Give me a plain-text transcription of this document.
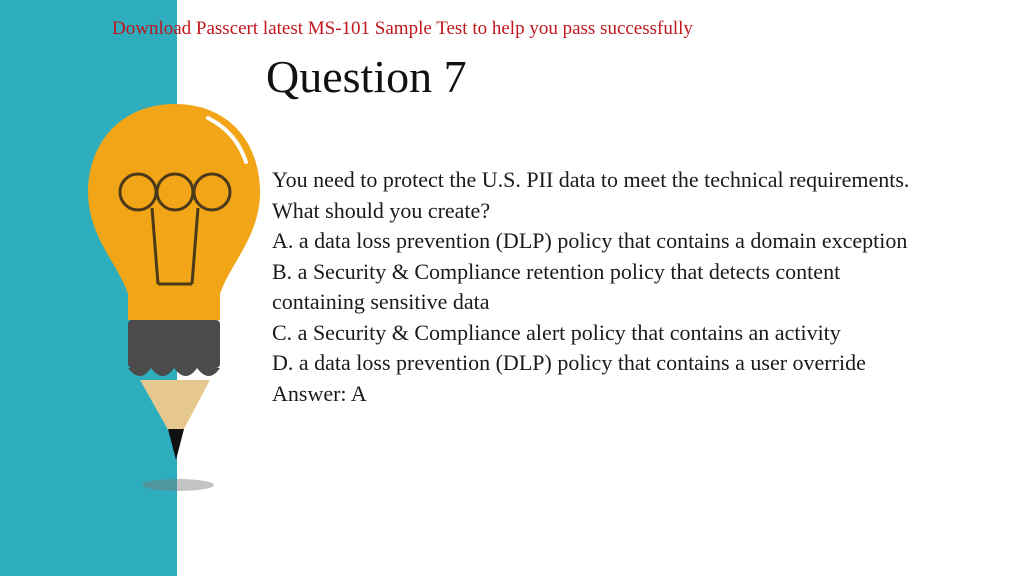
Download Passcert latest MS-101 Sample Test to help you pass successfully
Question 7
You need to protect the U.S. PII data to meet the technical requirements.
What should you create?
A. a data loss prevention (DLP) policy that contains a domain exception
B. a Security & Compliance retention policy that detects content containing sensitive data
C. a Security & Compliance alert policy that contains an activity
D. a data loss prevention (DLP) policy that contains a user override
Answer: A
